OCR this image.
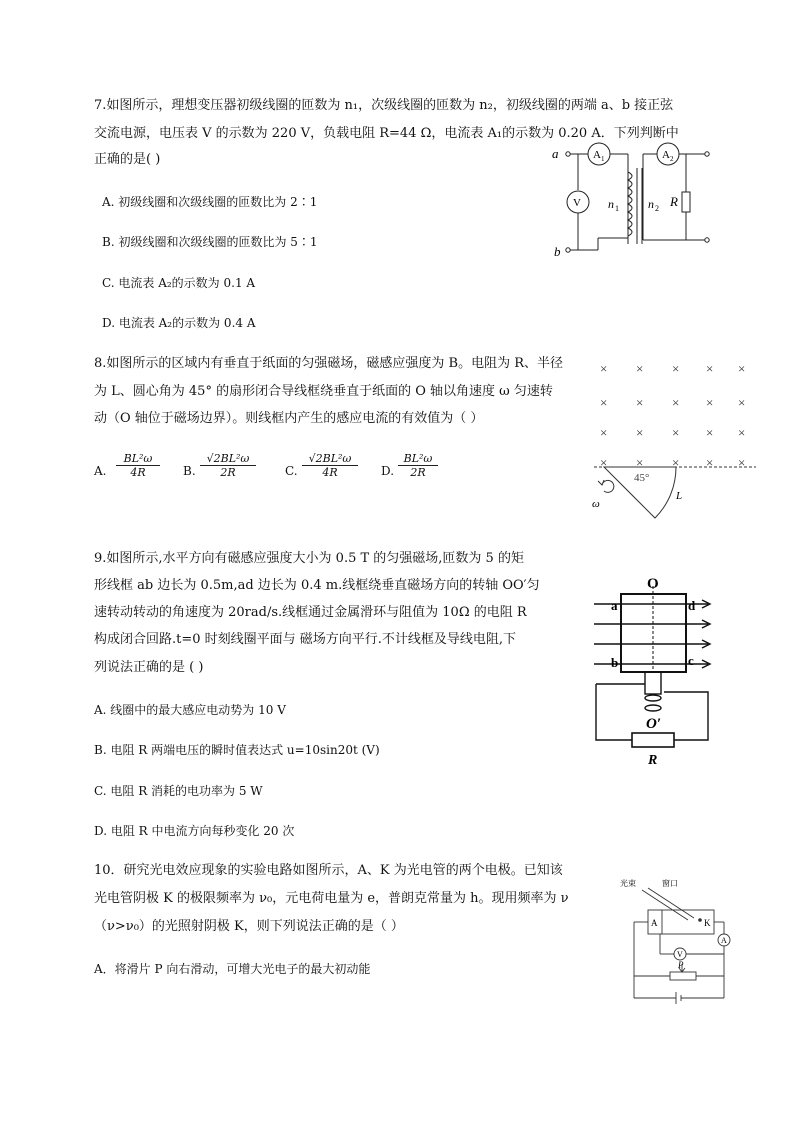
7.如图所示，理想变压器初级线圈的匝数为 n₁，次级线圈的匝数为 n₂，初级线圈的两端 a、b 接正弦
交流电源，电压表 V 的示数为 220 V，负载电阻 R=44 Ω，电流表 A₁的示数为 0.20 A．下列判断中
正确的是( )
A. 初级线圈和次级线圈的匝数比为 2∶1
B. 初级线圈和次级线圈的匝数比为 5∶1
C. 电流表 A₂的示数为 0.1 A
D. 电流表 A₂的示数为 0.4 A
a
b
A 1	A 2
V n 1 n 2 R
8.如图所示的区域内有垂直于纸面的匀强磁场，磁感应强度为 B。电阻为 R、半径
为 L、圆心角为 45° 的扇形闭合导线框绕垂直于纸面的 O 轴以角速度 ω 匀速转
动（O 轴位于磁场边界）。则线框内产生的感应电流的有效值为（ ）
A. $\frac{\text{BL²ω}}{4R} B$. $\frac{\text{√2BL²ω}}{2R} C$. $\frac{\text{√2BL²ω}}{4R} D$. $\frac{\text{BL²ω}}{2R}$
× × × × ×
× × × × ×
× × × × ×
× × × × ×
45°
L
ω
9.如图所示,水平方向有磁感应强度大小为 0.5 T 的匀强磁场,匝数为 5 的矩
形线框 ab 边长为 0.5m,ad 边长为 0.4 m.线框绕垂直磁场方向的转轴 OO′匀
速转动转动的角速度为 20rad/s.线框通过金属滑环与阻值为 10Ω 的电阻 R
构成闭合回路.t=0 时刻线圈平面与 磁场方向平行.不计线框及导线电阻,下
列说法正确的是 ( )
A. 线圈中的最大感应电动势为 10 V
B. 电阻 R 两端电压的瞬时值表达式 u=10sin20t (V)
C. 电阻 R 消耗的电功率为 5 W
D. 电阻 R 中电流方向每秒变化 20 次
O
O′
a	d
b	c
R
10．研究光电效应现象的实验电路如图所示，A、K 为光电管的两个电极。已知该
光电管阴极 K 的极限频率为 ν₀，元电荷电量为 e，普朗克常量为 h。现用频率为 ν
（ν>ν₀）的光照射阴极 K，则下列说法正确的是（ ）
A．将滑片 P 向右滑动，可增大光电子的最大初动能
光束	窗口
A	K
V
A
P
